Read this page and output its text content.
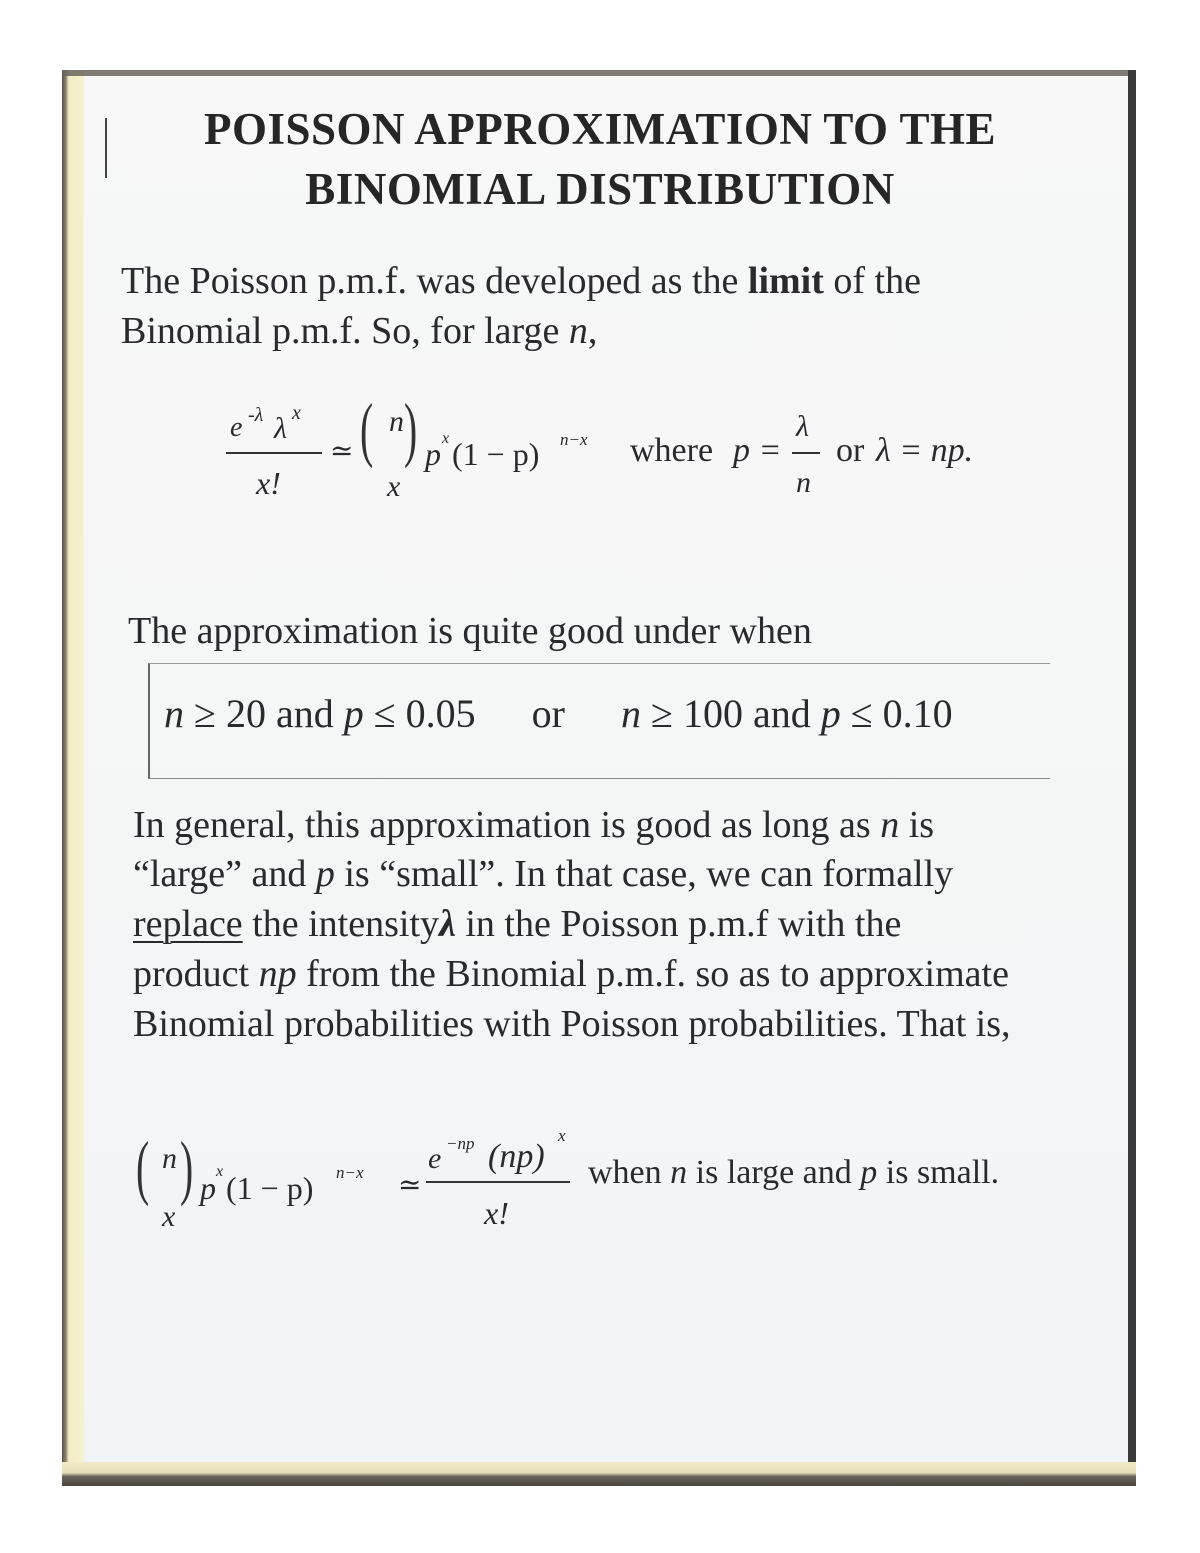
POISSON APPROXIMATION TO THE
BINOMIAL DISTRIBUTION
The Poisson p.m.f. was developed as the limit of the
Binomial p.m.f. So, for large n,
e -λ λ x
x!
≃ ( n
x
) p x (1 − p) n−x where p =
λ
n
or λ = np.
The approximation is quite good under when
n ≥ 20 and p ≤ 0.05 or n ≥ 100 and p ≤ 0.10
In general, this approximation is good as long as n is
“large” and p is “small”. In that case, we can formally
replace the intensityλ in the Poisson p.m.f with the
product np from the Binomial p.m.f. so as to approximate
Binomial probabilities with Poisson probabilities. That is,
( n
x
) p x (1 − p) n−x ≃
e −np (np)
x
x!
when n is large and p is small.
